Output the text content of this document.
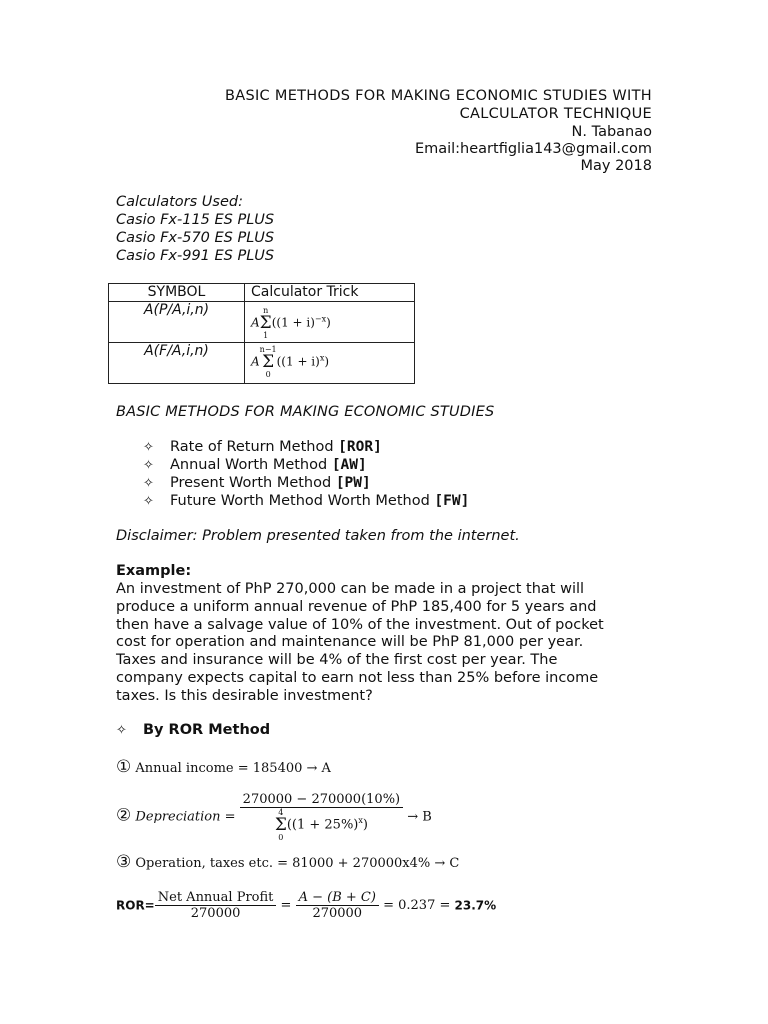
BASIC METHODS FOR MAKING ECONOMIC STUDIES WITH
CALCULATOR TECHNIQUE
N. Tabanao
Email:heartfiglia143@gmail.com
May 2018
Calculators Used:
Casio Fx-115 ES PLUS
Casio Fx-570 ES PLUS
Casio Fx-991 ES PLUS
SYMBOL	Calculator Trick
A(P/A,i,n)	A
n
Σ
1
$((1 + i)^{-x})$
A(F/A,i,n)	A
n−1
Σ
0
$((1 + i)^x)$
BASIC METHODS FOR MAKING ECONOMIC STUDIES
✧ Rate of Return Method [ROR]
✧ Annual Worth Method [AW]
✧ Present Worth Method [PW]
✧ Future Worth Method Worth Method [FW]
Disclaimer: Problem presented taken from the internet.
Example:
An investment of PhP 270,000 can be made in a project that will
produce a uniform annual revenue of PhP 185,400 for 5 years and
then have a salvage value of 10% of the investment. Out of pocket
cost for operation and maintenance will be PhP 81,000 per year.
Taxes and insurance will be 4% of the first cost per year. The
company expects capital to earn not less than 25% before income
taxes. Is this desirable investment?
✧ By ROR Method
① Annual income = 185400 → A
② Depreciation = 270000 − 270000(10%)
4
Σ
0
$((1 + 25\%)^x) \to B$
③ Operation, taxes etc. = 81000 + 270000x4% → C
$ROR= \frac{\text{Net Annual Profit}}{270000} = \frac{A - (B + C)}{270000} = 0.237 = 23.7\%$
